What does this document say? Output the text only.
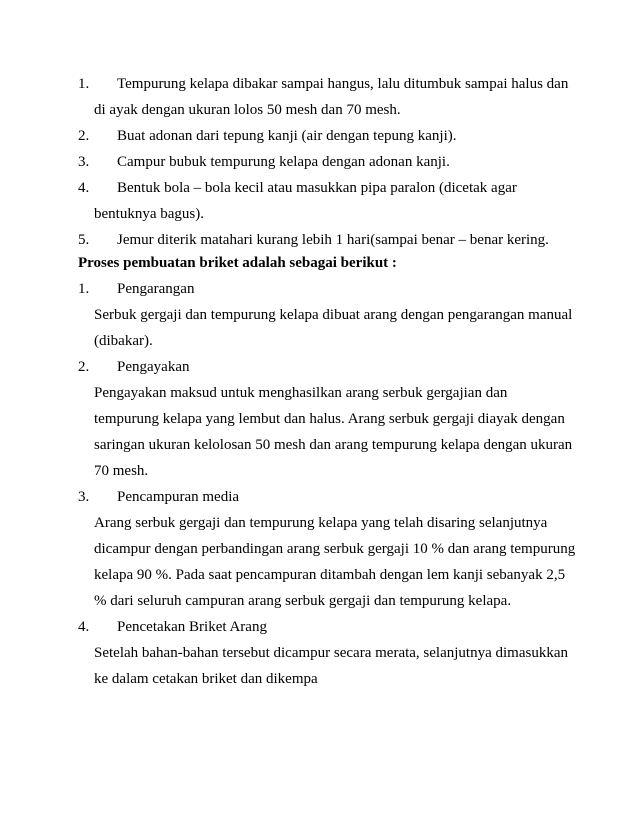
1. Tempurung kelapa dibakar sampai hangus, lalu ditumbuk sampai halus dan
di ayak dengan ukuran lolos 50 mesh dan 70 mesh.
2. Buat adonan dari tepung kanji (air dengan tepung kanji).
3. Campur bubuk tempurung kelapa dengan adonan kanji.
4. Bentuk bola – bola kecil atau masukkan pipa paralon (dicetak agar
bentuknya bagus).
5. Jemur diterik matahari kurang lebih 1 hari(sampai benar – benar kering.
Proses pembuatan briket adalah sebagai berikut :
1. Pengarangan
Serbuk gergaji dan tempurung kelapa dibuat arang dengan pengarangan manual
(dibakar).
2. Pengayakan
Pengayakan maksud untuk menghasilkan arang serbuk gergajian dan
tempurung kelapa yang lembut dan halus. Arang serbuk gergaji diayak dengan
saringan ukuran kelolosan 50 mesh dan arang tempurung kelapa dengan ukuran
70 mesh.
3. Pencampuran media
Arang serbuk gergaji dan tempurung kelapa yang telah disaring selanjutnya
dicampur dengan perbandingan arang serbuk gergaji 10 % dan arang tempurung
kelapa 90 %. Pada saat pencampuran ditambah dengan lem kanji sebanyak 2,5
% dari seluruh campuran arang serbuk gergaji dan tempurung kelapa.
4. Pencetakan Briket Arang
Setelah bahan-bahan tersebut dicampur secara merata, selanjutnya dimasukkan
ke dalam cetakan briket dan dikempa
